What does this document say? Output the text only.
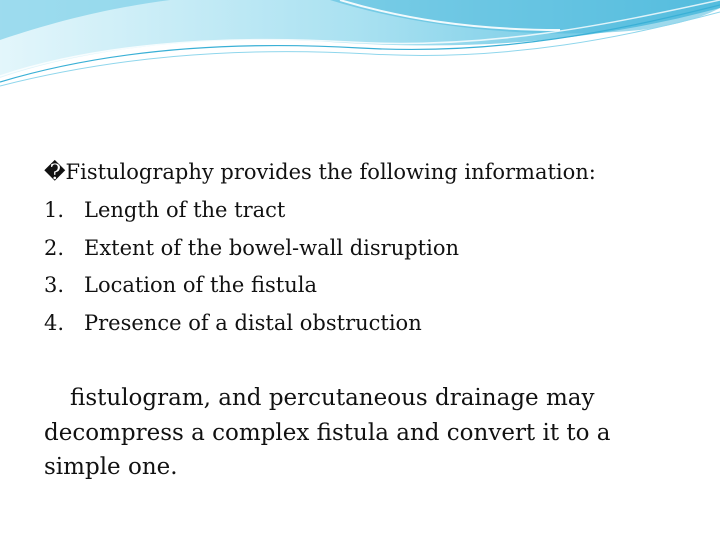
�Fistulography provides the following information:
1. Length of the tract
2. Extent of the bowel-wall disruption
3. Location of the fistula
4. Presence of a distal obstruction

fistulogram, and percutaneous drainage may decompress a complex fistula and convert it to a simple one.
